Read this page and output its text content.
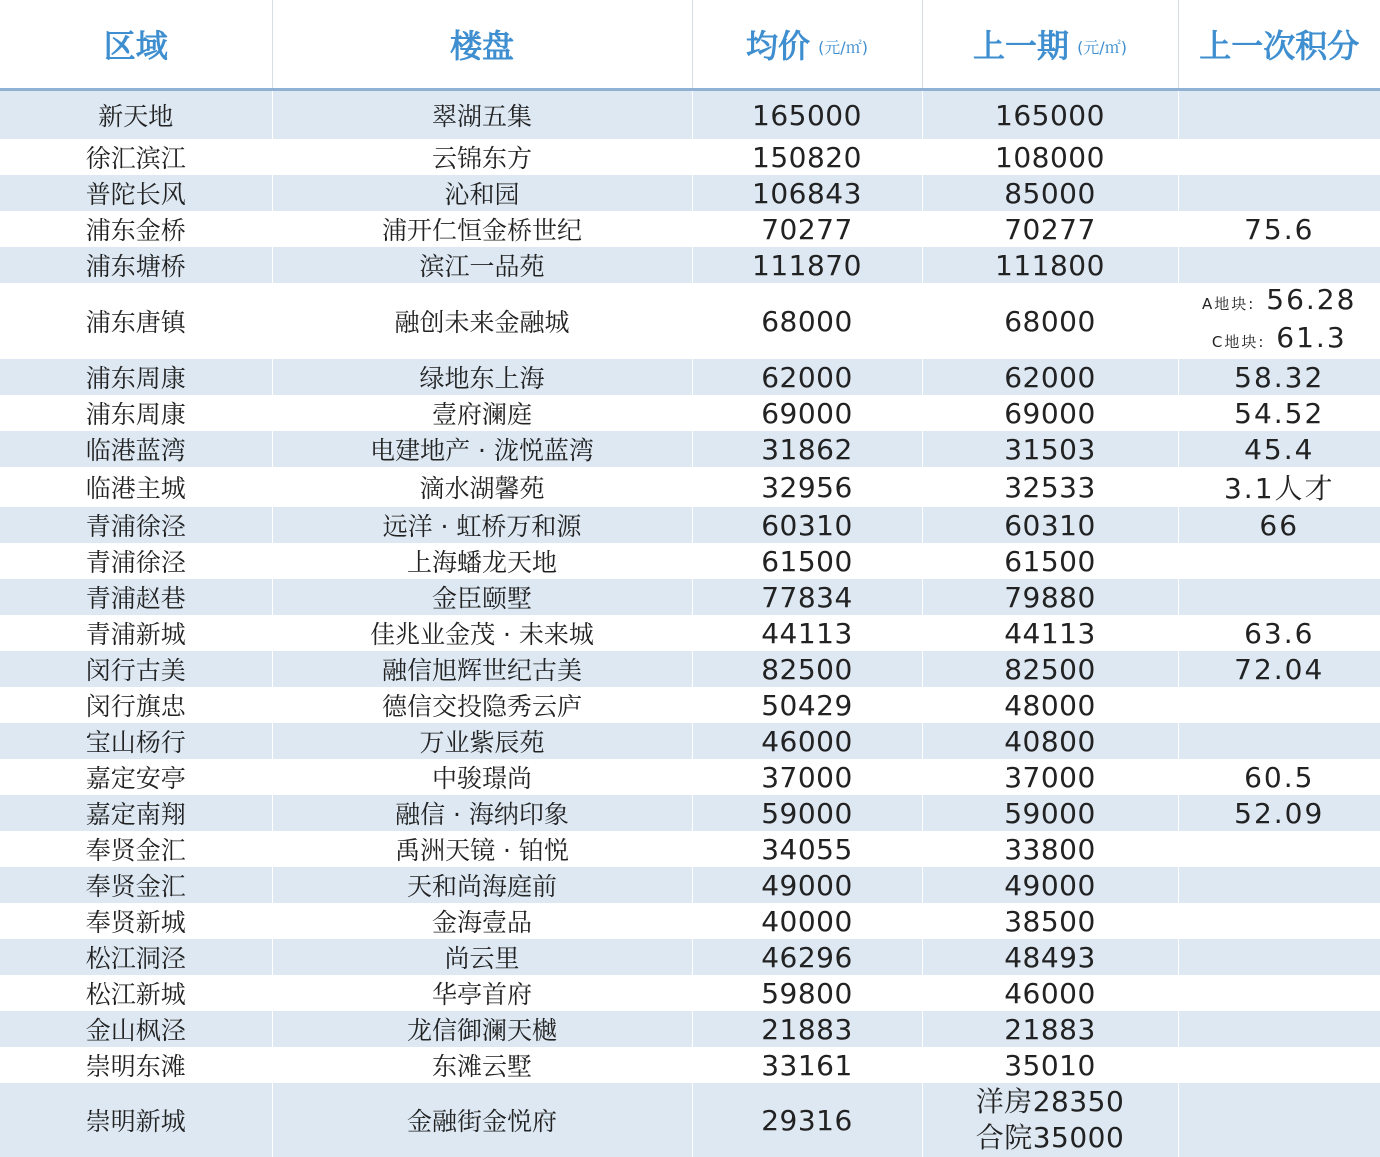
区域	楼盘	均价 (元/㎡)	上一期 (元/㎡)	上一次积分
新天地	翠湖五集	165000	165000	
徐汇滨江	云锦东方	150820	108000	
普陀长风	沁和园	106843	85000	
浦东金桥	浦开仁恒金桥世纪	70277	70277	75.6
浦东塘桥	滨江一品苑	111870	111800	
浦东唐镇	融创未来金融城	68000	68000	A地块: 56.28
C地块: 61.3

浦东周康	绿地东上海	62000	62000	58.32
浦东周康	壹府澜庭	69000	69000	54.52
临港蓝湾	电建地产 · 泷悦蓝湾	31862	31503	45.4
临港主城	滴水湖馨苑	32956	32533	3.1人才
青浦徐泾	远洋 · 虹桥万和源	60310	60310	66
青浦徐泾	上海蟠龙天地	61500	61500	
青浦赵巷	金臣颐墅	77834	79880	
青浦新城	佳兆业金茂 · 未来城	44113	44113	63.6
闵行古美	融信旭辉世纪古美	82500	82500	72.04
闵行旗忠	德信交投隐秀云庐	50429	48000	
宝山杨行	万业紫辰苑	46000	40800	
嘉定安亭	中骏璟尚	37000	37000	60.5
嘉定南翔	融信 · 海纳印象	59000	59000	52.09
奉贤金汇	禹洲天镜 · 铂悦	34055	33800	
奉贤金汇	天和尚海庭前	49000	49000	
奉贤新城	金海壹品	40000	38500	
松江洞泾	尚云里	46296	48493	
松江新城	华亭首府	59800	46000	
金山枫泾	龙信御澜天樾	21883	21883	
崇明东滩	东滩云墅	33161	35010	
崇明新城	金融街金悦府	29316	洋房28350
合院35000	
